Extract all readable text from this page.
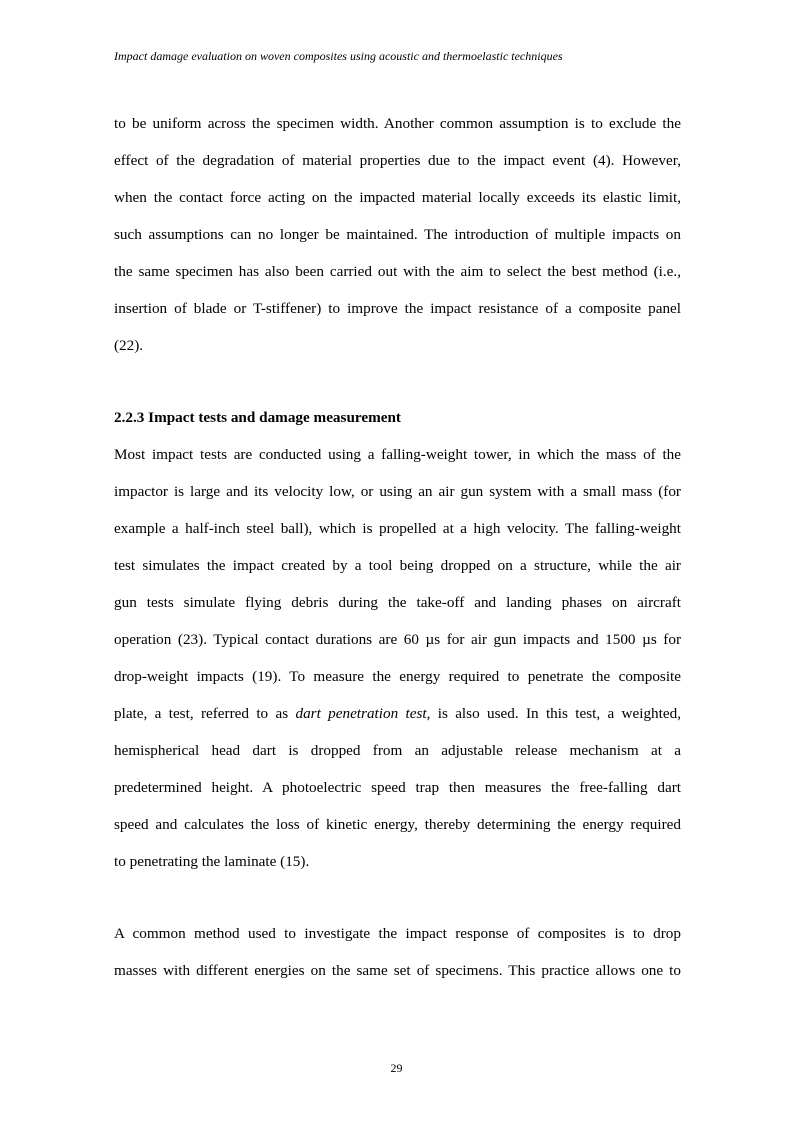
Impact damage evaluation on woven composites using acoustic and thermoelastic techniques
to be uniform across the specimen width. Another common assumption is to exclude the
effect of the degradation of material properties due to the impact event (4). However,
when the contact force acting on the impacted material locally exceeds its elastic limit,
such assumptions can no longer be maintained. The introduction of multiple impacts on
the same specimen has also been carried out with the aim to select the best method (i.e.,
insertion of blade or T-stiffener) to improve the impact resistance of a composite panel
(22).
2.2.3 Impact tests and damage measurement
Most impact tests are conducted using a falling-weight tower, in which the mass of the
impactor is large and its velocity low, or using an air gun system with a small mass (for
example a half-inch steel ball), which is propelled at a high velocity. The falling-weight
test simulates the impact created by a tool being dropped on a structure, while the air
gun tests simulate flying debris during the take-off and landing phases on aircraft
operation (23). Typical contact durations are 60 µs for air gun impacts and 1500 µs for
drop-weight impacts (19). To measure the energy required to penetrate the composite
plate, a test, referred to as dart penetration test, is also used. In this test, a weighted,
hemispherical head dart is dropped from an adjustable release mechanism at a
predetermined height. A photoelectric speed trap then measures the free-falling dart
speed and calculates the loss of kinetic energy, thereby determining the energy required
to penetrating the laminate (15).
A common method used to investigate the impact response of composites is to drop
masses with different energies on the same set of specimens. This practice allows one to
29
